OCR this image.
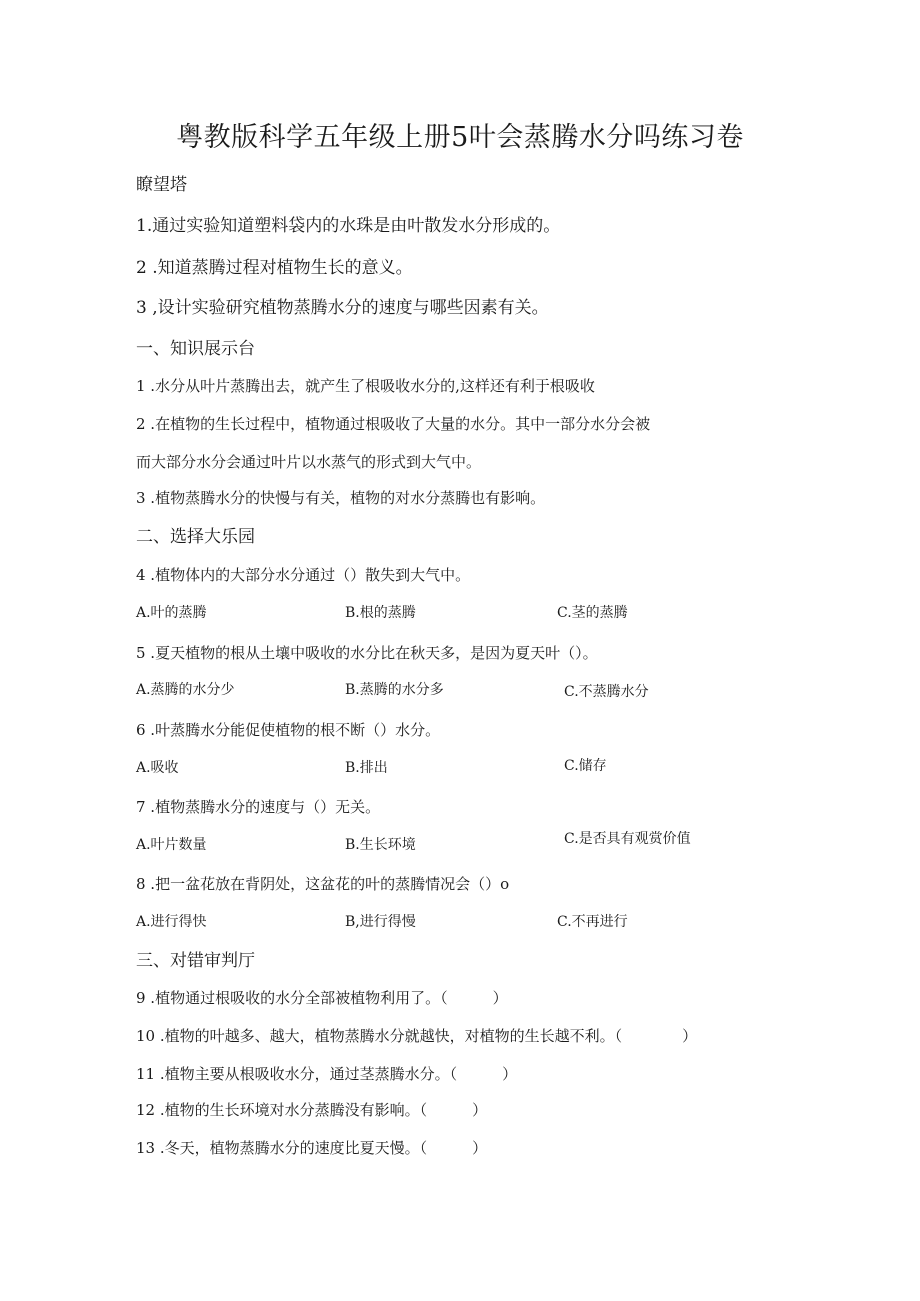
粤教版科学五年级上册5叶会蒸腾水分吗练习卷
瞭望塔
1.通过实验知道塑料袋内的水珠是由叶散发水分形成的。
2 .知道蒸腾过程对植物生长的意义。
3 ,设计实验研究植物蒸腾水分的速度与哪些因素有关。
一、知识展示台
1 .水分从叶片蒸腾出去，就产生了根吸收水分的,这样还有利于根吸收
2 .在植物的生长过程中，植物通过根吸收了大量的水分。其中一部分水分会被
而大部分水分会通过叶片以水蒸气的形式到大气中。
3 .植物蒸腾水分的快慢与有关，植物的对水分蒸腾也有影响。
二、选择大乐园
4 .植物体内的大部分水分通过（）散失到大气中。
A.叶的蒸腾	B.根的蒸腾	C.茎的蒸腾
5 .夏天植物的根从土壤中吸收的水分比在秋天多，是因为夏天叶（）。
A.蒸腾的水分少	B.蒸腾的水分多	C.不蒸腾水分
6 .叶蒸腾水分能促使植物的根不断（）水分。
A.吸收	B.排出	C.储存
7 .植物蒸腾水分的速度与（）无关。
A.叶片数量	B.生长环境	C.是否具有观赏价值
8 .把一盆花放在背阴处，这盆花的叶的蒸腾情况会（）o
A.进行得快	B,进行得慢	C.不再进行
三、对错审判厅
9 .植物通过根吸收的水分全部被植物利用了。（　　　）
10 .植物的叶越多、越大，植物蒸腾水分就越快，对植物的生长越不利。（　　　　）
11 .植物主要从根吸收水分，通过茎蒸腾水分。（　　　）
12 .植物的生长环境对水分蒸腾没有影响。（　　　）
13 .冬天，植物蒸腾水分的速度比夏天慢。（　　　）
